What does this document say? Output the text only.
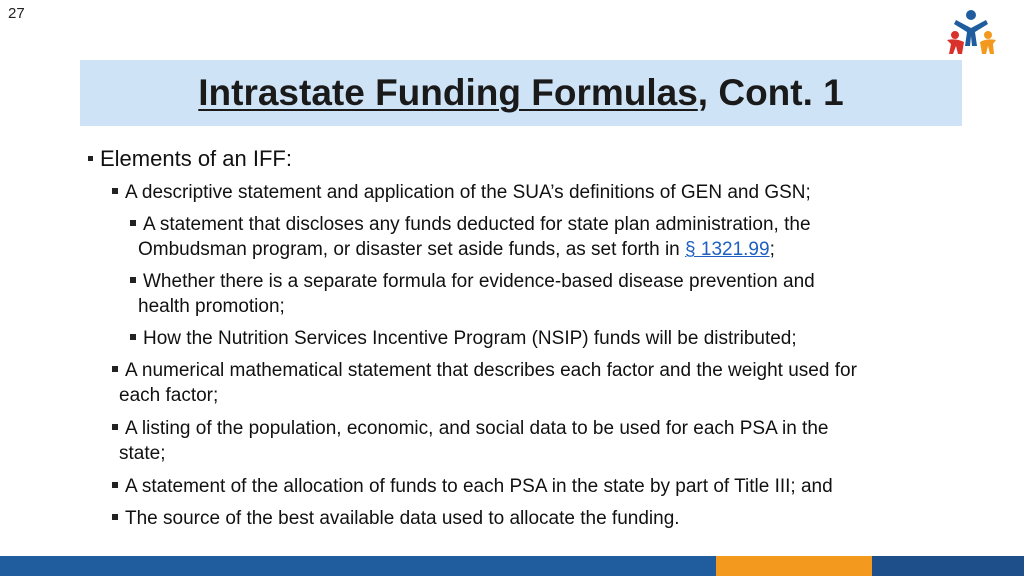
27
Intrastate Funding Formulas, Cont. 1
Elements of an IFF:
A descriptive statement and application of the SUA’s definitions of GEN and GSN;
A statement that discloses any funds deducted for state plan administration, the
Ombudsman program, or disaster set aside funds, as set forth in § 1321.99;
Whether there is a separate formula for evidence-based disease prevention and
health promotion;
How the Nutrition Services Incentive Program (NSIP) funds will be distributed;
A numerical mathematical statement that describes each factor and the weight used for
each factor;
A listing of the population, economic, and social data to be used for each PSA in the
state;
A statement of the allocation of funds to each PSA in the state by part of Title III; and
The source of the best available data used to allocate the funding.
